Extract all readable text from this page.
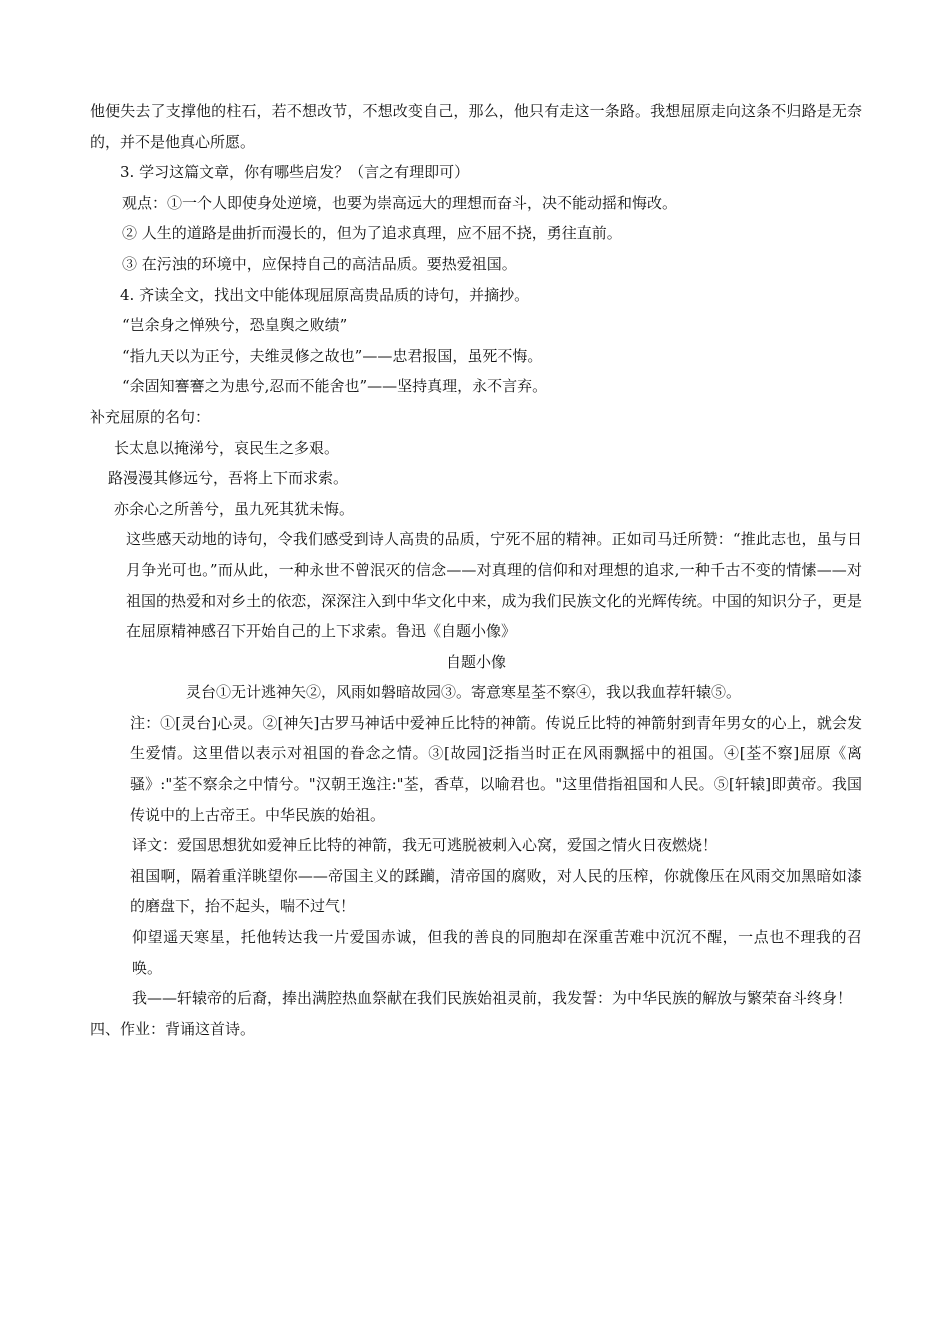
他便失去了支撑他的柱石，若不想改节，不想改变自己，那么，他只有走这一条路。我想屈原走向这条不归路是无奈的，并不是他真心所愿。

3. 学习这篇文章，你有哪些启发？（言之有理即可）

观点：①一个人即使身处逆境，也要为崇高远大的理想而奋斗，决不能动摇和悔改。

② 人生的道路是曲折而漫长的，但为了追求真理，应不屈不挠，勇往直前。

③ 在污浊的环境中，应保持自己的高洁品质。要热爱祖国。

4. 齐读全文，找出文中能体现屈原高贵品质的诗句，并摘抄。

“岂余身之惮殃兮，恐皇舆之败绩”

“指九天以为正兮，夫维灵修之故也”——忠君报国，虽死不悔。

“余固知謇謇之为患兮,忍而不能舍也”——坚持真理，永不言弃。

补充屈原的名句：

长太息以掩涕兮，哀民生之多艰。

路漫漫其修远兮，吾将上下而求索。

亦余心之所善兮，虽九死其犹未悔。

这些感天动地的诗句，令我们感受到诗人高贵的品质，宁死不屈的精神。正如司马迁所赞：“推此志也，虽与日月争光可也。”而从此，一种永世不曾泯灭的信念——对真理的信仰和对理想的追求,一种千古不变的情愫——对祖国的热爱和对乡土的依恋，深深注入到中华文化中来，成为我们民族文化的光辉传统。中国的知识分子，更是在屈原精神感召下开始自己的上下求索。鲁迅《自题小像》

自题小像

灵台①无计逃神矢②，风雨如磐暗故园③。寄意寒星荃不察④，我以我血荐轩辕⑤。

注：①[灵台]心灵。②[神矢]古罗马神话中爱神丘比特的神箭。传说丘比特的神箭射到青年男女的心上，就会发生爱情。这里借以表示对祖国的眷念之情。③[故园]泛指当时正在风雨飘摇中的祖国。④[荃不察]屈原《离骚》:"荃不察余之中情兮。"汉朝王逸注:"荃，香草，以喻君也。"这里借指祖国和人民。⑤[轩辕]即黄帝。我国传说中的上古帝王。中华民族的始祖。

译文：爱国思想犹如爱神丘比特的神箭，我无可逃脱被刺入心窝，爱国之情火日夜燃烧！

祖国啊，隔着重洋眺望你——帝国主义的蹂躏，清帝国的腐败，对人民的压榨，你就像压在风雨交加黑暗如漆的磨盘下，抬不起头，喘不过气！

仰望遥天寒星，托他转达我一片爱国赤诚，但我的善良的同胞却在深重苦难中沉沉不醒，一点也不理我的召唤。

我——轩辕帝的后裔，捧出满腔热血祭献在我们民族始祖灵前，我发誓：为中华民族的解放与繁荣奋斗终身！

四、作业：背诵这首诗。
